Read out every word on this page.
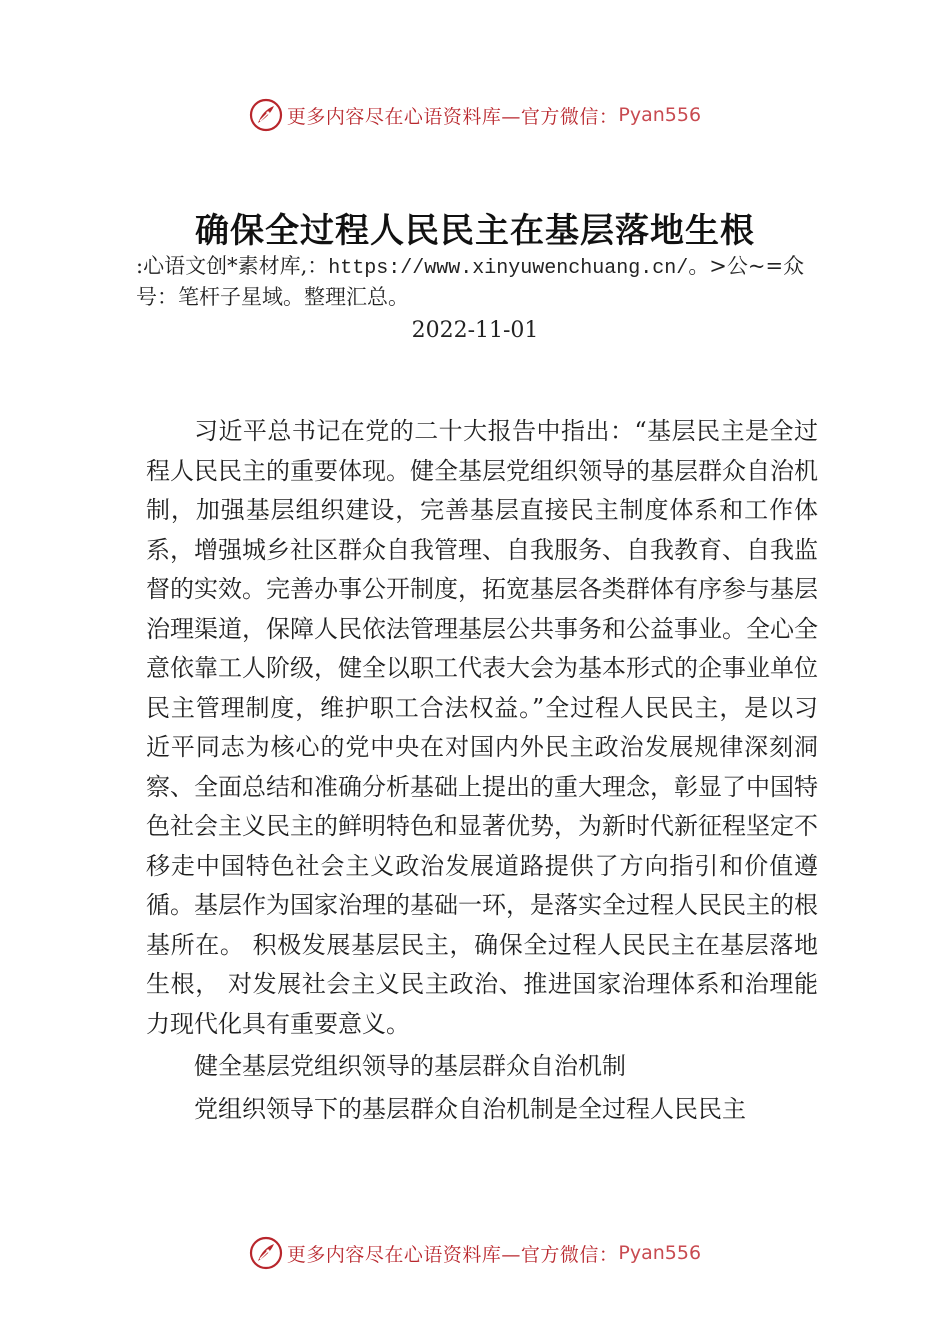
更多内容尽在心语资料库—官方微信： Pyan556
确保全过程人民民主在基层落地生根
:心语文创*素材库,：https://www.xinyuwenchuang.cn/。>公~=众号：笔杆子星域。整理汇总。
2022-11-01

习近平总书记在党的二十大报告中指出：“基层民主是全过程人民民主的重要体现。健全基层党组织领导的基层群众自治机制，加强基层组织建设，完善基层直接民主制度体系和工作体系，增强城乡社区群众自我管理、自我服务、自我教育、自我监督的实效。完善办事公开制度，拓宽基层各类群体有序参与基层治理渠道，保障人民依法管理基层公共事务和公益事业。全心全意依靠工人阶级，健全以职工代表大会为基本形式的企事业单位民主管理制度，维护职工合法权益。”全过程人民民主，是以习近平同志为核心的党中央在对国内外民主政治发展规律深刻洞察、全面总结和准确分析基础上提出的重大理念，彰显了中国特色社会主义民主的鲜明特色和显著优势，为新时代新征程坚定不移走中国特色社会主义政治发展道路提供了方向指引和价值遵循。基层作为国家治理的基础一环，是落实全过程人民民主的根基所在。 积极发展基层民主，确保全过程人民民主在基层落地生根， 对发展社会主义民主政治、推进国家治理体系和治理能力现代化具有重要意义。

健全基层党组织领导的基层群众自治机制

党组织领导下的基层群众自治机制是全过程人民民主

更多内容尽在心语资料库—官方微信： Pyan556
